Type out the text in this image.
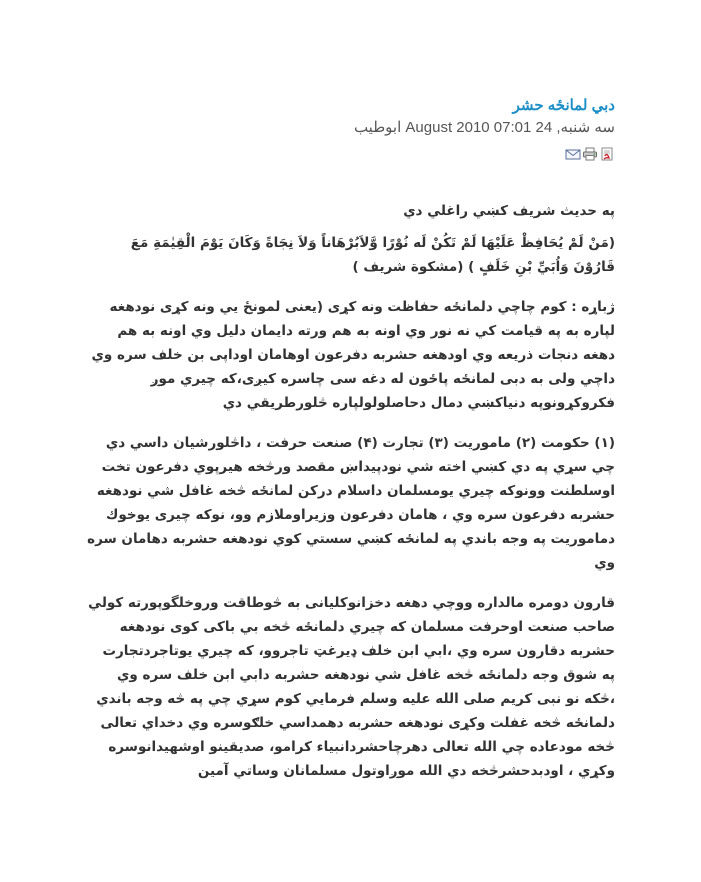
دبي لمانځه حشر
سه شنبه, 24 August 2010 07:01 ابوطيب

په حديث شريف كښي راغلي دي

(مَنْ لَمْ يُحَافِظْ عَلَيْهَا لَمْ تَكُنْ لَه نُوْرًا وَّلاَبُرْهَاناً وَلاَ نِجَاةً وَكَانَ يَوْمَ الْقِيٰمَةِ مَعَ قَارُوْنَ وَاُبَيِّ بْنِ خَلَفٍ ) (مشكوة شريف )

ژباړه : كوم چاچي دلمانځه حفاظت ونه كړى (يعنى لمونځ يي ونه كړى نودهغه لپاره به په قيامت كي نه نور وي اونه به هم ورته دايمان دليل وي اونه به هم دهغه دنجات ذريعه وي اودهغه حشربه دفرعون اوهامان اوداپى بن خلف سره وي داچي ولى به دبى لمانځه پاځون له دغه سى چاسره كيږى،كه چيري موږ فكروكړونوپه دنياكښي دمال دحاصلولولپاره څلورطريقي دي

(١) حكومت (٢) ماموريت (٣) تجارت (۴) صنعت حرفت ، داڅلورشيان داسي دي چي سړي په دي كښي اخته شي نودپيداښ مقصد ورڅخه هيرپوي دفرعون تخت اوسلطنت وونوكه چيري يومسلمان داسلام دركن لمانځه څخه غافل شي نودهغه حشربه دفرعون سره وي ، هامان دفرعون وزيراوملازم وو، نوكه چيرى يوخوك دماموريت په وجه باندي په لمانځه كښي سستي كوي نودهغه حشربه دهامان سره وي

قارون دومره مالداره ووچي دهغه دخزانوكليانى به څوطاقت وروخلگوپورته كولي صاحب صنعت اوحرفت مسلمان كه چيري دلمانځه څخه بي باكى كوى نودهغه حشربه دقارون سره وي ،ابي ابن خلف ډيرغټ تاجروو، كه چيري يوتاجردتجارت په شوق وجه دلمانځه څخه غافل شي نودهغه حشربه دابي ابن خلف سره وي ،څكه نو نبى كريم صلى الله عليه وسلم فرمايي كوم سړي چي په څه وجه باندي دلمانځه څخه غفلت وكړى نودهغه حشربه دهمداسي خلګوسره وي دخداي تعالى څخه مودعاده چي الله تعالى دهرچاحشردانبياء كرامو، صديقينو اوشهيدانوسره وكړي ، اودبدحشرڅخه دي الله موږاوتول مسلمانان وساتي آمين
